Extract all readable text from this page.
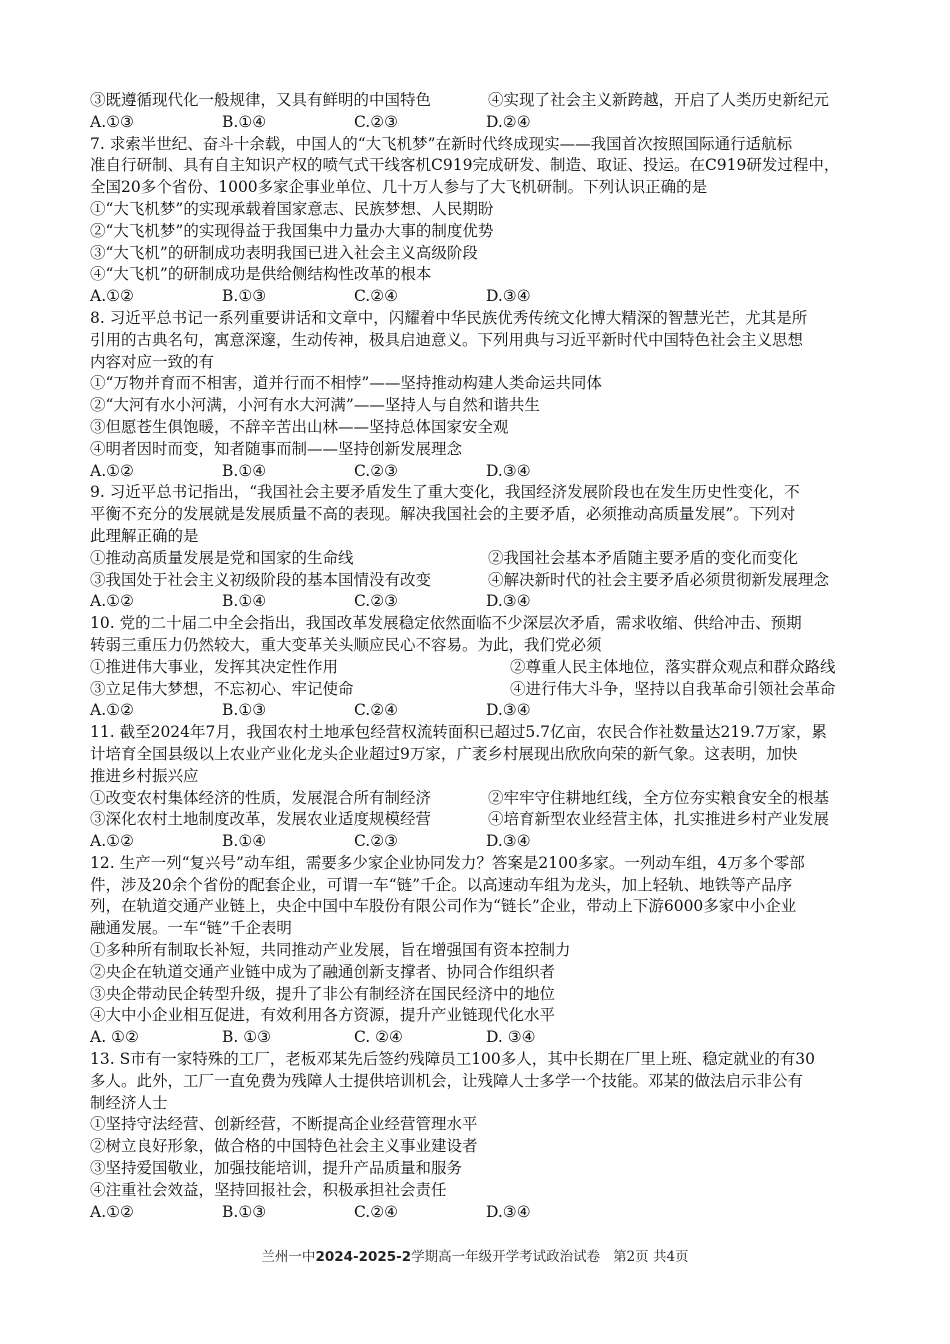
③既遵循现代化一般规律，又具有鲜明的中国特色	④实现了社会主义新跨越，开启了人类历史新纪元
A.①③	B.①④	C.②③	D.②④
7. 求索半世纪、奋斗十余载，中国人的“大飞机梦”在新时代终成现实——我国首次按照国际通行适航标
准自行研制、具有自主知识产权的喷气式干线客机C919完成研发、制造、取证、投运。在C919研发过程中，
全国20多个省份、1000多家企事业单位、几十万人参与了大飞机研制。下列认识正确的是
①“大飞机梦”的实现承载着国家意志、民族梦想、人民期盼
②“大飞机梦”的实现得益于我国集中力量办大事的制度优势
③“大飞机”的研制成功表明我国已进入社会主义高级阶段
④“大飞机”的研制成功是供给侧结构性改革的根本
A.①②	B.①③	C.②④	D.③④
8. 习近平总书记一系列重要讲话和文章中，闪耀着中华民族优秀传统文化博大精深的智慧光芒，尤其是所
引用的古典名句，寓意深邃，生动传神，极具启迪意义。下列用典与习近平新时代中国特色社会主义思想
内容对应一致的有
①“万物并育而不相害，道并行而不相悖”——坚持推动构建人类命运共同体
②“大河有水小河满，小河有水大河满”——坚持人与自然和谐共生
③但愿苍生俱饱暖，不辞辛苦出山林——坚持总体国家安全观
④明者因时而变，知者随事而制——坚持创新发展理念
A.①②	B.①④	C.②③	D.③④
9. 习近平总书记指出，“我国社会主要矛盾发生了重大变化，我国经济发展阶段也在发生历史性变化，不
平衡不充分的发展就是发展质量不高的表现。解决我国社会的主要矛盾，必须推动高质量发展”。下列对
此理解正确的是
①推动高质量发展是党和国家的生命线	②我国社会基本矛盾随主要矛盾的变化而变化
③我国处于社会主义初级阶段的基本国情没有改变	④解决新时代的社会主要矛盾必须贯彻新发展理念
A.①②	B.①④	C.②③	D.③④
10. 党的二十届二中全会指出，我国改革发展稳定依然面临不少深层次矛盾，需求收缩、供给冲击、预期
转弱三重压力仍然较大，重大变革关头顺应民心不容易。为此，我们党必须
①推进伟大事业，发挥其决定性作用	②尊重人民主体地位，落实群众观点和群众路线
③立足伟大梦想，不忘初心、牢记使命	④进行伟大斗争，坚持以自我革命引领社会革命
A.①②	B.①③	C.②④	D.③④
11. 截至2024年7月，我国农村土地承包经营权流转面积已超过5.7亿亩，农民合作社数量达219.7万家，累
计培育全国县级以上农业产业化龙头企业超过9万家，广袤乡村展现出欣欣向荣的新气象。这表明，加快
推进乡村振兴应
①改变农村集体经济的性质，发展混合所有制经济	②牢牢守住耕地红线，全方位夯实粮食安全的根基
③深化农村土地制度改革，发展农业适度规模经营	④培育新型农业经营主体，扎实推进乡村产业发展
A.①②	B.①④	C.②③	D.③④
12. 生产一列“复兴号”动车组，需要多少家企业协同发力？答案是2100多家。一列动车组，4万多个零部
件，涉及20余个省份的配套企业，可谓一车“链”千企。以高速动车组为龙头，加上轻轨、地铁等产品序
列，在轨道交通产业链上，央企中国中车股份有限公司作为“链长”企业，带动上下游6000多家中小企业
融通发展。一车“链”千企表明
①多种所有制取长补短，共同推动产业发展，旨在增强国有资本控制力
②央企在轨道交通产业链中成为了融通创新支撑者、协同合作组织者
③央企带动民企转型升级，提升了非公有制经济在国民经济中的地位
④大中小企业相互促进，有效利用各方资源，提升产业链现代化水平
A. ①②	B. ①③	C. ②④	D. ③④
13. S市有一家特殊的工厂，老板邓某先后签约残障员工100多人，其中长期在厂里上班、稳定就业的有30
多人。此外，工厂一直免费为残障人士提供培训机会，让残障人士多学一个技能。邓某的做法启示非公有
制经济人士
①坚持守法经营、创新经营，不断提高企业经营管理水平
②树立良好形象，做合格的中国特色社会主义事业建设者
③坚持爱国敬业，加强技能培训，提升产品质量和服务
④注重社会效益，坚持回报社会，积极承担社会责任
A.①②	B.①③	C.②④	D.③④
兰州一中2024-2025-2学期高一年级开学考试政治试卷 第2页 共4页
